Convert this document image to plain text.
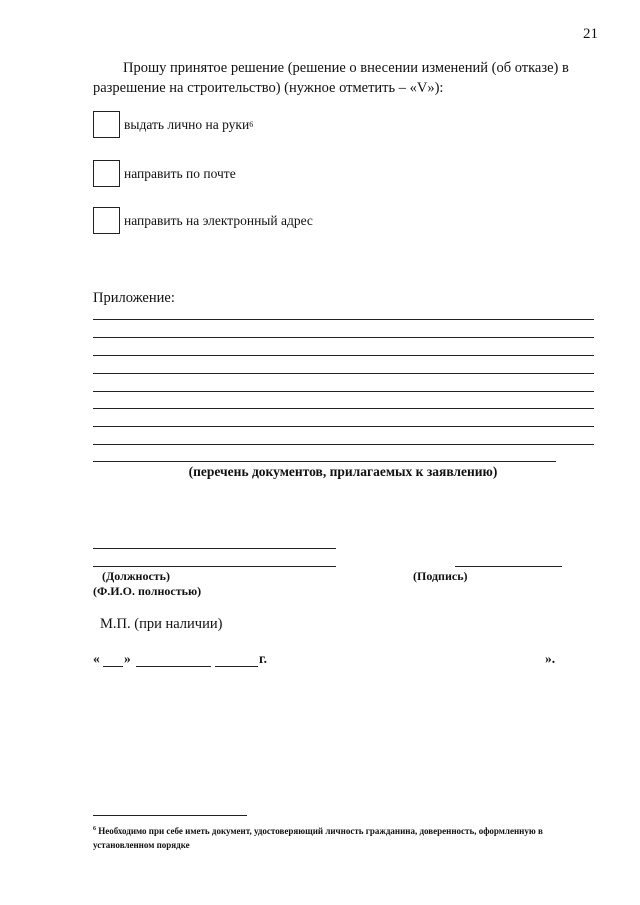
21
Прошу принятое решение (решение о внесении изменений (об отказе) в разрешение на строительство) (нужное отметить – «V»):
выдать лично на руки 6
направить по почте
направить на электронный адрес
Приложение:
(перечень документов, прилагаемых к заявлению)
(Должность)
(Ф.И.О. полностью)
(Подпись)
М.П. (при наличии)
« »	г.	».
$^6$ Необходимо при себе иметь документ, удостоверяющий личность гражданина, доверенность, оформленную в установленном порядке
